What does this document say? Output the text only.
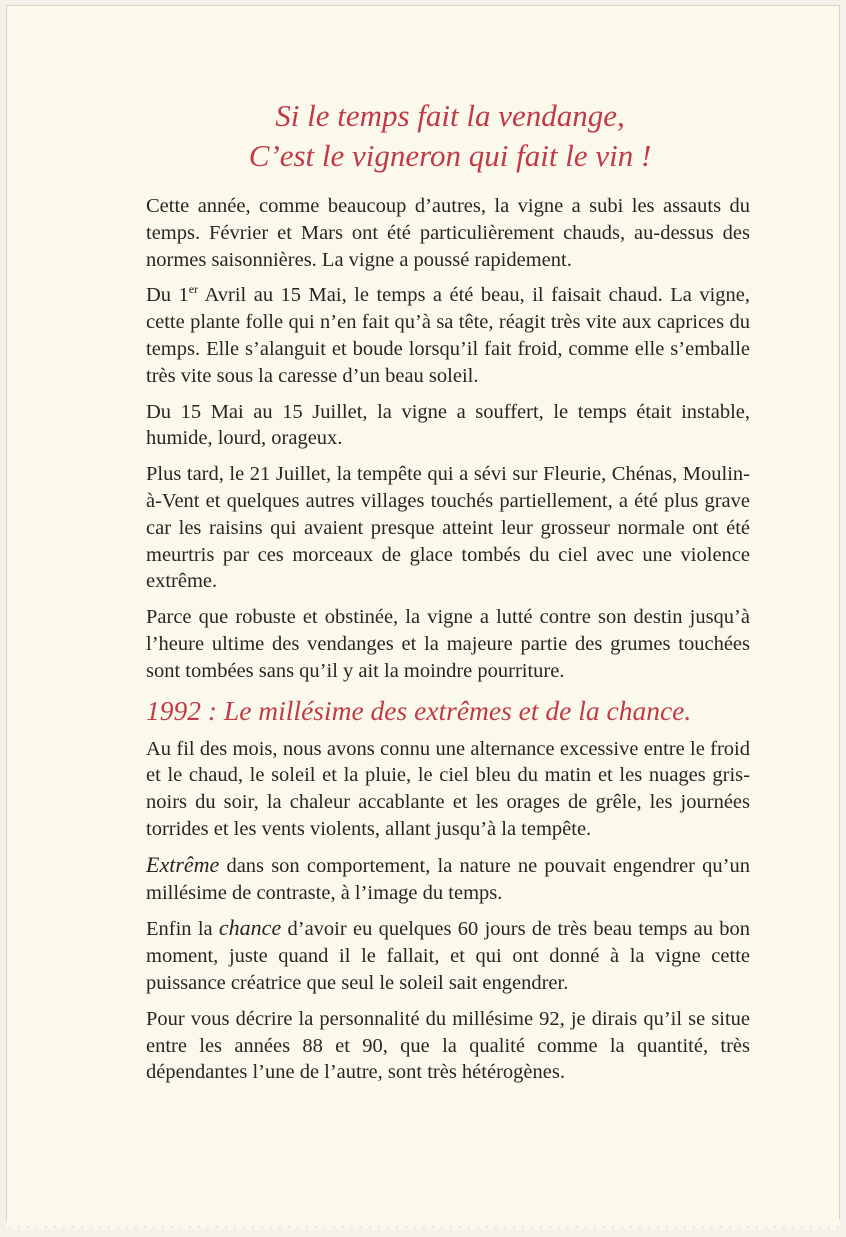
Si le temps fait la vendange,
C’est le vigneron qui fait le vin !

Cette année, comme beaucoup d’autres, la vigne a subi les assauts du temps. Février et Mars ont été particulièrement chauds, au-dessus des normes saisonnières. La vigne a poussé rapidement.

Du 1er Avril au 15 Mai, le temps a été beau, il faisait chaud. La vigne, cette plante folle qui n’en fait qu’à sa tête, réagit très vite aux caprices du temps. Elle s’alanguit et boude lorsqu’il fait froid, comme elle s’emballe très vite sous la caresse d’un beau soleil.

Du 15 Mai au 15 Juillet, la vigne a souffert, le temps était instable, humide, lourd, orageux.

Plus tard, le 21 Juillet, la tempête qui a sévi sur Fleurie, Chénas, Moulin-à-Vent et quelques autres villages touchés partiellement, a été plus grave car les raisins qui avaient presque atteint leur grosseur normale ont été meurtris par ces morceaux de glace tombés du ciel avec une violence extrême.

Parce que robuste et obstinée, la vigne a lutté contre son destin jusqu’à l’heure ultime des vendanges et la majeure partie des grumes touchées sont tombées sans qu’il y ait la moindre pourriture.

1992 : Le millésime des extrêmes et de la chance.

Au fil des mois, nous avons connu une alternance excessive entre le froid et le chaud, le soleil et la pluie, le ciel bleu du matin et les nuages gris-noirs du soir, la chaleur accablante et les orages de grêle, les journées torrides et les vents violents, allant jusqu’à la tempête.

Extrême dans son comportement, la nature ne pouvait engendrer qu’un millésime de contraste, à l’image du temps.

Enfin la chance d’avoir eu quelques 60 jours de très beau temps au bon moment, juste quand il le fallait, et qui ont donné à la vigne cette puissance créatrice que seul le soleil sait engendrer.

Pour vous décrire la personnalité du millésime 92, je dirais qu’il se situe entre les années 88 et 90, que la qualité comme la quantité, très dépendantes l’une de l’autre, sont très hétérogènes.
